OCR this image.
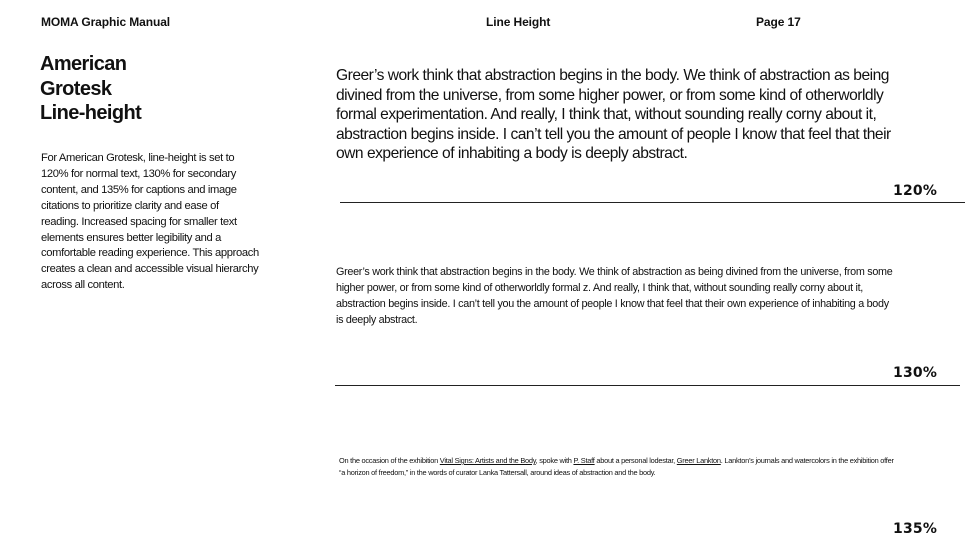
MOMA Graphic Manual	Line Height	Page 17
American
Grotesk
Line-height

For American Grotesk, line-height is set to 120% for normal text, 130% for secondary content, and 135% for captions and image citations to prioritize clarity and ease of reading. Increased spacing for smaller text elements ensures better legibility and a comfortable reading experience. This approach creates a clean and accessible visual hierarchy across all content.

Greer’s work think that abstraction begins in the body. We think of abstraction as being divined from the universe, from some higher power, or from some kind of otherworldly formal experimentation. And really, I think that, without sounding really corny about it, abstraction begins inside. I can’t tell you the amount of people I know that feel that their own experience of inhabiting a body is deeply abstract.

120%

Greer’s work think that abstraction begins in the body. We think of abstraction as being divined from the universe, from some higher power, or from some kind of otherworldly formal z. And really, I think that, without sounding really corny about it, abstraction begins inside. I can’t tell you the amount of people I know that feel that their own experience of inhabiting a body is deeply abstract.

130%

On the occasion of the exhibition Vital Signs: Artists and the Body, spoke with P. Staff about a personal lodestar, Greer Lankton. Lankton’s journals and watercolors in the exhibition offer “a horizon of freedom,” in the words of curator Lanka Tattersall, around ideas of abstraction and the body.

135%
